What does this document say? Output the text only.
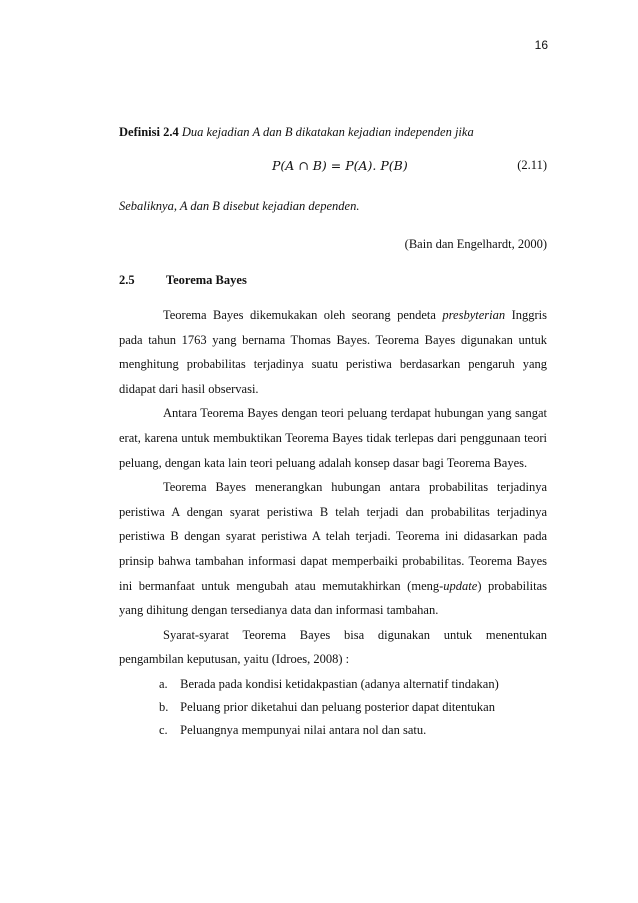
16
Definisi 2.4 Dua kejadian A dan B dikatakan kejadian independen jika
P(A ∩ B) = P(A). P(B)	(2.11)
Sebaliknya, A dan B disebut kejadian dependen.
(Bain dan Engelhardt, 2000)
2.5	Teorema Bayes

Teorema Bayes dikemukakan oleh seorang pendeta presbyterian Inggris pada tahun 1763 yang bernama Thomas Bayes. Teorema Bayes digunakan untuk menghitung probabilitas terjadinya suatu peristiwa berdasarkan pengaruh yang didapat dari hasil observasi.

Antara Teorema Bayes dengan teori peluang terdapat hubungan yang sangat erat, karena untuk membuktikan Teorema Bayes tidak terlepas dari penggunaan teori peluang, dengan kata lain teori peluang adalah konsep dasar bagi Teorema Bayes.

Teorema Bayes menerangkan hubungan antara probabilitas terjadinya peristiwa A dengan syarat peristiwa B telah terjadi dan probabilitas terjadinya peristiwa B dengan syarat peristiwa A telah terjadi. Teorema ini didasarkan pada prinsip bahwa tambahan informasi dapat memperbaiki probabilitas. Teorema Bayes ini bermanfaat untuk mengubah atau memutakhirkan (meng-update) probabilitas yang dihitung dengan tersedianya data dan informasi tambahan.

Syarat-syarat Teorema Bayes bisa digunakan untuk menentukan pengambilan keputusan, yaitu (Idroes, 2008) :

a. Berada pada kondisi ketidakpastian (adanya alternatif tindakan)
b. Peluang prior diketahui dan peluang posterior dapat ditentukan
c. Peluangnya mempunyai nilai antara nol dan satu.
